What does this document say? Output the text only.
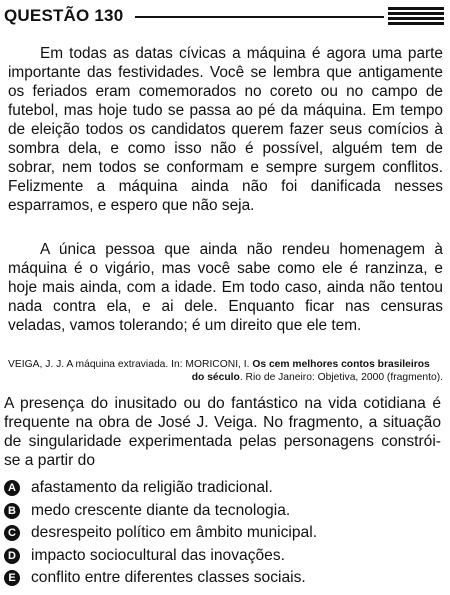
QUESTÃO 130

Em todas as datas cívicas a máquina é agora uma parte importante das festividades. Você se lembra que antigamente os feriados eram comemorados no coreto ou no campo de futebol, mas hoje tudo se passa ao pé da máquina. Em tempo de eleição todos os candidatos querem fazer seus comícios à sombra dela, e como isso não é possível, alguém tem de sobrar, nem todos se conformam e sempre surgem conflitos. Felizmente a máquina ainda não foi danificada nesses esparramos, e espero que não seja.

A única pessoa que ainda não rendeu homenagem à máquina é o vigário, mas você sabe como ele é ranzinza, e hoje mais ainda, com a idade. Em todo caso, ainda não tentou nada contra ela, e ai dele. Enquanto ficar nas censuras veladas, vamos tolerando; é um direito que ele tem.

VEIGA, J. J. A máquina extraviada. In: MORICONI, I. Os cem melhores contos brasileiros
do século. Rio de Janeiro: Objetiva, 2000 (fragmento).

A presença do inusitado ou do fantástico na vida cotidiana é frequente na obra de José J. Veiga. No fragmento, a situação de singularidade experimentada pelas personagens constrói-se a partir do

A afastamento da religião tradicional.
B medo crescente diante da tecnologia.
C desrespeito político em âmbito municipal.
D impacto sociocultural das inovações.
E conflito entre diferentes classes sociais.
